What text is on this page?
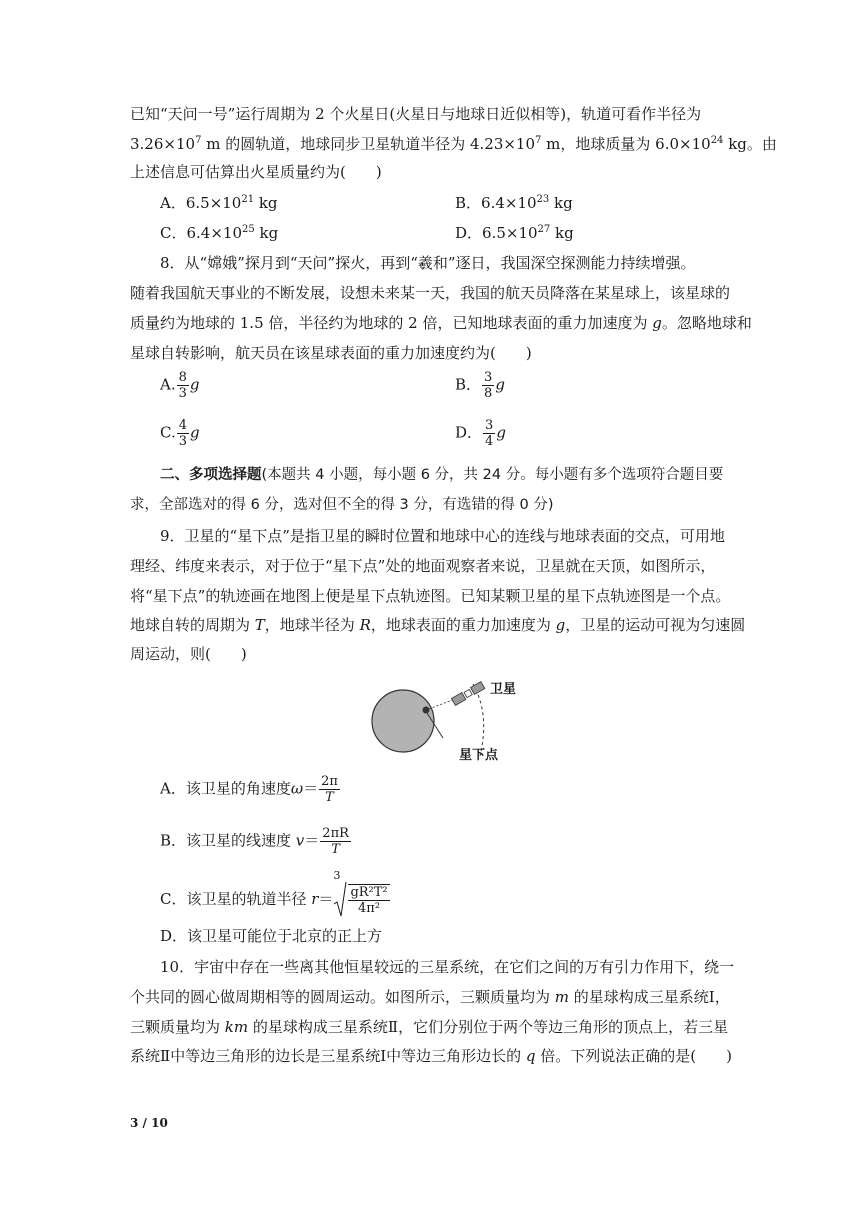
已知“天问一号”运行周期为 2 个火星日(火星日与地球日近似相等)，轨道可看作半径为
$3.26\times 10^7$ m 的圆轨道，地球同步卫星轨道半径为 $4.23\times 10^7$ m，地球质量为 $6.0\times 10^{24}$ kg。由
上述信息可估算出火星质量约为(　　)
A．$6.5\times 10^{21}$ kg	B．$6.4\times 10^{23}$ kg
C．$6.4\times 10^{25}$ kg	D．$6.5\times 10^{27}$ kg
8．从“嫦娥”探月到“天问”探火，再到“羲和”逐日，我国深空探测能力持续增强。
随着我国航天事业的不断发展，设想未来某一天，我国的航天员降落在某星球上，该星球的
质量约为地球的 1.5 倍，半径约为地球的 2 倍，已知地球表面的重力加速度为 g。忽略地球和
星球自转影响，航天员在该星球表面的重力加速度约为(　　)
A. $\frac{8}{3}$ g	B． $\frac{3}{8}$ g
C. $\frac{4}{3}$ g	D． $\frac{3}{4}$ g
二、多项选择题(本题共 4 小题，每小题 6 分，共 24 分。每小题有多个选项符合题目要
求，全部选对的得 6 分，选对但不全的得 3 分，有选错的得 0 分)
9．卫星的“星下点”是指卫星的瞬时位置和地球中心的连线与地球表面的交点，可用地
理经、纬度来表示，对于位于“星下点”处的地面观察者来说，卫星就在天顶，如图所示，
将“星下点”的轨迹画在地图上便是星下点轨迹图。已知某颗卫星的星下点轨迹图是一个点。
地球自转的周期为 T，地球半径为 R，地球表面的重力加速度为 g，卫星的运动可视为匀速圆
周运动，则(　　)
卫星
星下点
A．该卫星的角速度$\omega= \frac{2\pi}{T}$
B．该卫星的线速度 $v= \frac{2\pi R}{T}$
C．该卫星的轨道半径 r＝
3
$\frac{\text{gR²T²}}{\text{4π²}}$
D．该卫星可能位于北京的正上方
10．宇宙中存在一些离其他恒星较远的三星系统，在它们之间的万有引力作用下，绕一
个共同的圆心做周期相等的圆周运动。如图所示，三颗质量均为 m 的星球构成三星系统Ⅰ，
三颗质量均为 km 的星球构成三星系统Ⅱ，它们分别位于两个等边三角形的顶点上，若三星
系统Ⅱ中等边三角形的边长是三星系统Ⅰ中等边三角形边长的 q 倍。下列说法正确的是(　　)
3 / 10
